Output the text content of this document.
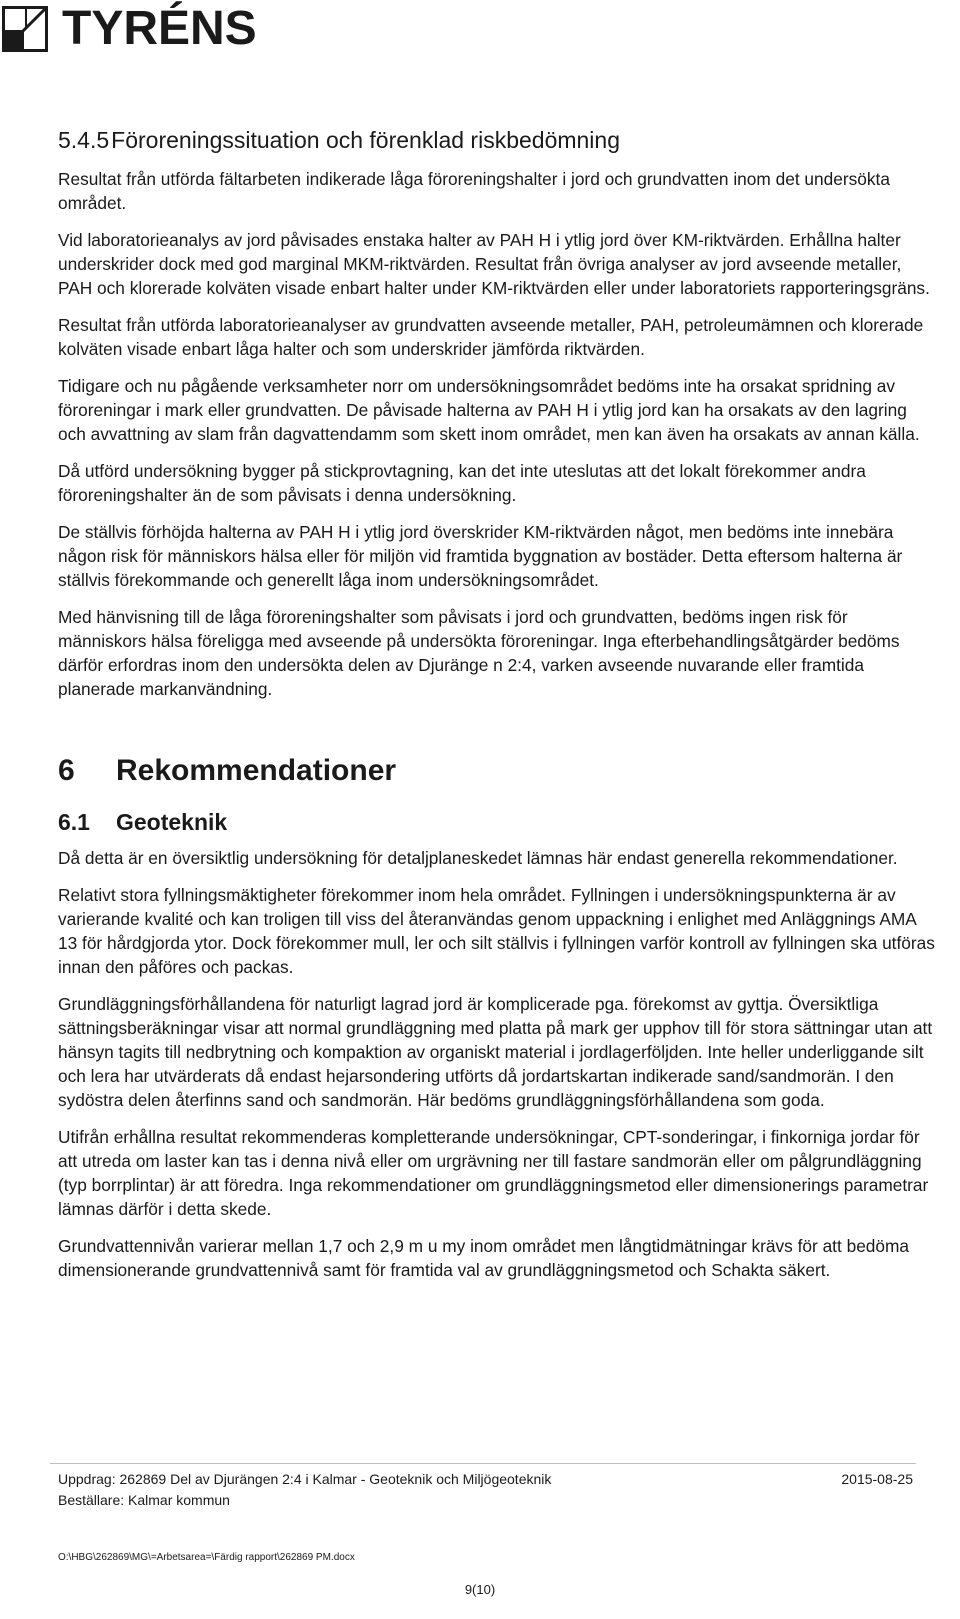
TYRÉNS
5.4.5Föroreningssituation och förenklad riskbedömning

Resultat från utförda fältarbeten indikerade låga föroreningshalter i jord och grundvatten inom det undersökta området.

Vid laboratorieanalys av jord påvisades enstaka halter av PAH H i ytlig jord över KM-riktvärden. Erhållna halter underskrider dock med god marginal MKM-riktvärden. Resultat från övriga analyser av jord avseende metaller, PAH och klorerade kolväten visade enbart halter under KM-riktvärden eller under laboratoriets rapporteringsgräns.

Resultat från utförda laboratorieanalyser av grundvatten avseende metaller, PAH, petroleumämnen och klorerade kolväten visade enbart låga halter och som underskrider jämförda riktvärden.

Tidigare och nu pågående verksamheter norr om undersökningsområdet bedöms inte ha orsakat spridning av föroreningar i mark eller grundvatten. De påvisade halterna av PAH H i ytlig jord kan ha orsakats av den lagring och avvattning av slam från dagvattendamm som skett inom området, men kan även ha orsakats av annan källa.

Då utförd undersökning bygger på stickprovtagning, kan det inte uteslutas att det lokalt förekommer andra föroreningshalter än de som påvisats i denna undersökning.

De ställvis förhöjda halterna av PAH H i ytlig jord överskrider KM-riktvärden något, men bedöms inte innebära någon risk för människors hälsa eller för miljön vid framtida byggnation av bostäder. Detta eftersom halterna är ställvis förekommande och generellt låga inom undersökningsområdet.

Med hänvisning till de låga föroreningshalter som påvisats i jord och grundvatten, bedöms ingen risk för människors hälsa föreligga med avseende på undersökta föroreningar. Inga efterbehandlingsåtgärder bedöms därför erfordras inom den undersökta delen av Djuränge n 2:4, varken avseende nuvarande eller framtida planerade markanvändning.

6 Rekommendationer
6.1 Geoteknik

Då detta är en översiktlig undersökning för detaljplaneskedet lämnas här endast generella rekommendationer.

Relativt stora fyllningsmäktigheter förekommer inom hela området. Fyllningen i undersökningspunkterna är av varierande kvalité och kan troligen till viss del återanvändas genom uppackning i enlighet med Anläggnings AMA 13 för hårdgjorda ytor. Dock förekommer mull, ler och silt ställvis i fyllningen varför kontroll av fyllningen ska utföras innan den påföres och packas.

Grundläggningsförhållandena för naturligt lagrad jord är komplicerade pga. förekomst av gyttja. Översiktliga sättningsberäkningar visar att normal grundläggning med platta på mark ger upphov till för stora sättningar utan att hänsyn tagits till nedbrytning och kompaktion av organiskt material i jordlagerföljden. Inte heller underliggande silt och lera har utvärderats då endast hejarsondering utförts då jordartskartan indikerade sand/sandmorän. I den sydöstra delen återfinns sand och sandmorän. Här bedöms grundläggningsförhållandena som goda.

Utifrån erhållna resultat rekommenderas kompletterande undersökningar, CPT-sonderingar, i finkorniga jordar för att utreda om laster kan tas i denna nivå eller om urgrävning ner till fastare sandmorän eller om pålgrundläggning (typ borrplintar) är att föredra. Inga rekommendationer om grundläggningsmetod eller dimensionerings parametrar lämnas därför i detta skede.

Grundvattennivån varierar mellan 1,7 och 2,9 m u my inom området men långtidmätningar krävs för att bedöma dimensionerande grundvattennivå samt för framtida val av grundläggningsmetod och Schakta säkert.

Uppdrag: 262869 Del av Djurängen 2:4 i Kalmar - Geoteknik och Miljögeoteknik	2015-08-25
Beställare: Kalmar kommun
O:\HBG\262869\MG\=Arbetsarea=\Färdig rapport\262869 PM.docx
9(10)
